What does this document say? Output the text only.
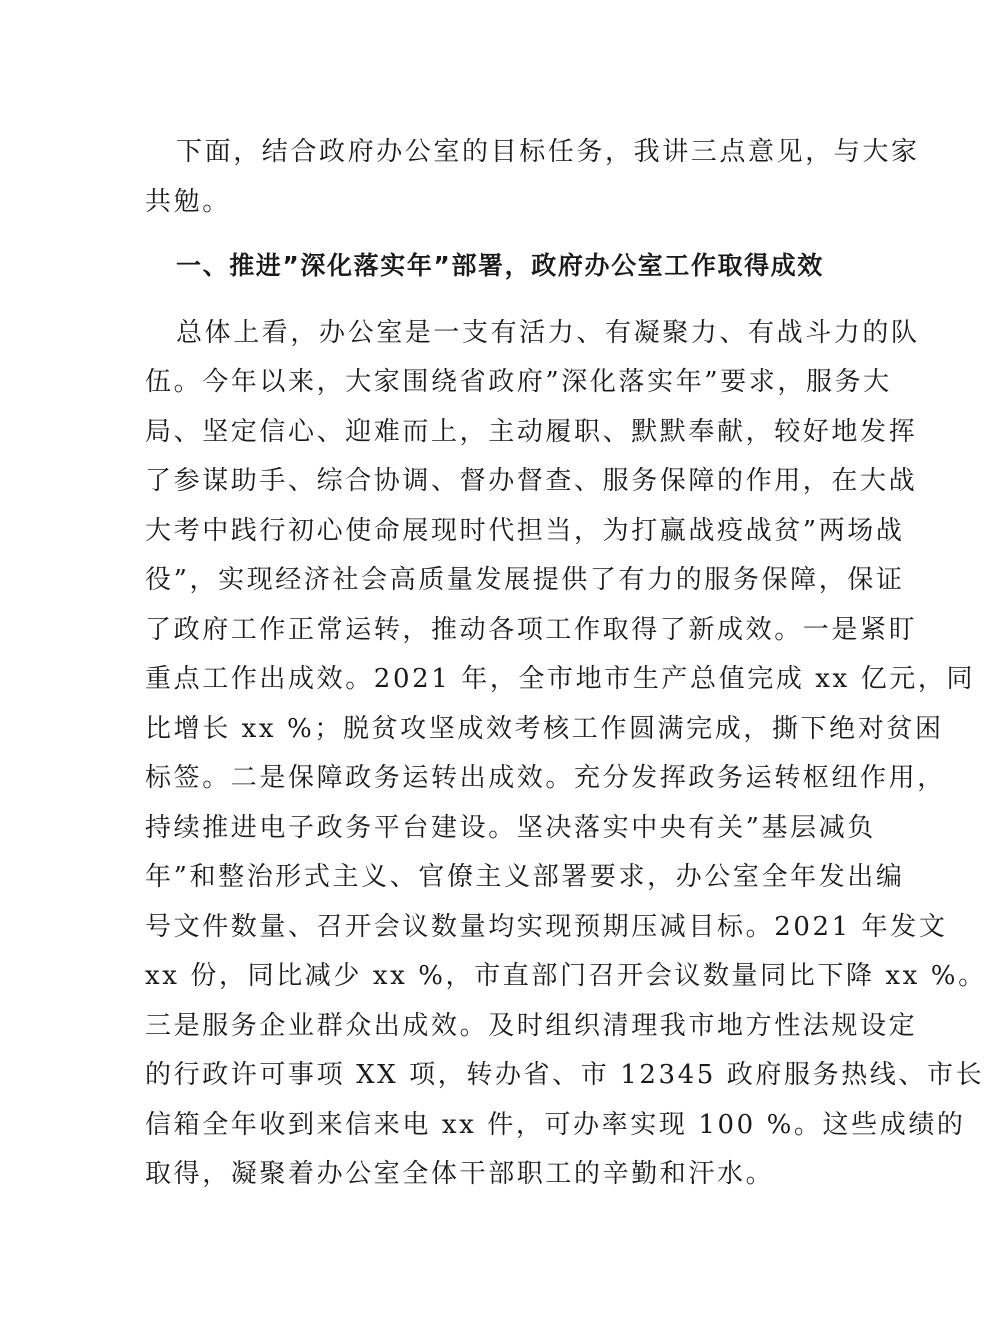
下面，结合政府办公室的目标任务，我讲三点意见，与大家
共勉。
一、推进”深化落实年”部署，政府办公室工作取得成效
总体上看，办公室是一支有活力、有凝聚力、有战斗力的队
伍。今年以来，大家围绕省政府”深化落实年”要求，服务大
局、坚定信心、迎难而上，主动履职、默默奉献，较好地发挥
了参谋助手、综合协调、督办督查、服务保障的作用，在大战
大考中践行初心使命展现时代担当，为打赢战疫战贫”两场战
役”，实现经济社会高质量发展提供了有力的服务保障，保证
了政府工作正常运转，推动各项工作取得了新成效。一是紧盯
重点工作出成效。2021 年，全市地市生产总值完成 xx 亿元，同
比增长 xx %；脱贫攻坚成效考核工作圆满完成，撕下绝对贫困
标签。二是保障政务运转出成效。充分发挥政务运转枢纽作用，
持续推进电子政务平台建设。坚决落实中央有关”基层减负
年”和整治形式主义、官僚主义部署要求，办公室全年发出编
号文件数量、召开会议数量均实现预期压减目标。2021 年发文
xx 份，同比减少 xx %，市直部门召开会议数量同比下降 xx %。
三是服务企业群众出成效。及时组织清理我市地方性法规设定
的行政许可事项 XX 项，转办省、市 12345 政府服务热线、市长
信箱全年收到来信来电 xx 件，可办率实现 100 %。这些成绩的
取得，凝聚着办公室全体干部职工的辛勤和汗水。
